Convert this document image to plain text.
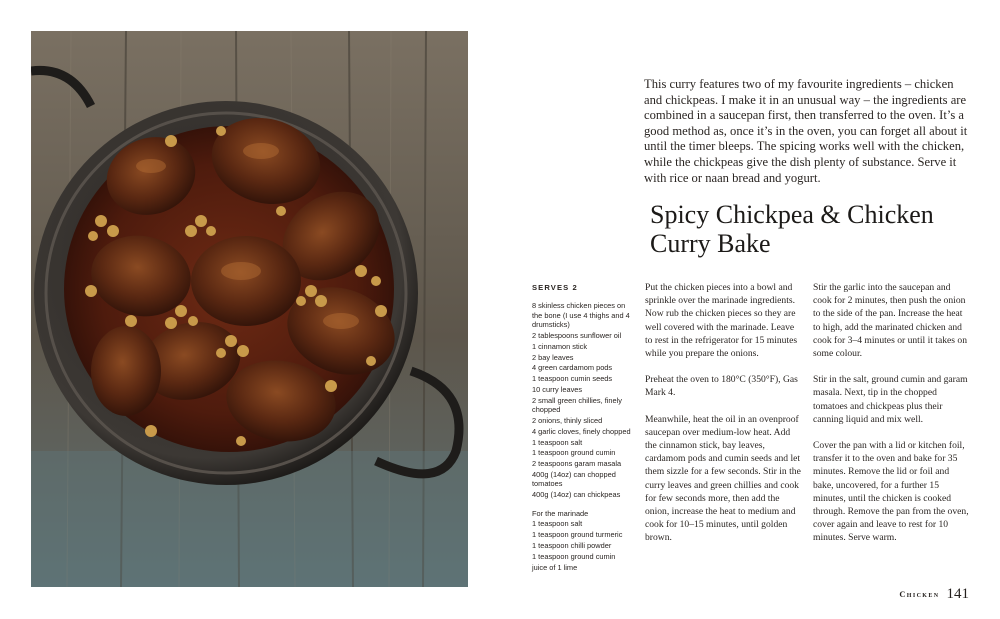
This curry features two of my favourite ingredients – chicken and chickpeas. I make it in an unusual way – the ingredients are combined in a saucepan first, then transferred to the oven. It’s a good method as, once it’s in the oven, you can forget all about it until the timer bleeps. The spicing works well with the chicken, while the chickpeas give the dish plenty of substance. Serve it with rice or naan bread and yogurt.
Spicy Chickpea & Chicken Curry Bake
SERVES 2
8 skinless chicken pieces on the bone (I use 4 thighs and 4 drumsticks)
2 tablespoons sunflower oil
1 cinnamon stick
2 bay leaves
4 green cardamom pods
1 teaspoon cumin seeds
10 curry leaves
2 small green chillies, finely chopped
2 onions, thinly sliced
4 garlic cloves, finely chopped
1 teaspoon salt
1 teaspoon ground cumin
2 teaspoons garam masala
400g (14oz) can chopped tomatoes
400g (14oz) can chickpeas
For the marinade
1 teaspoon salt
1 teaspoon ground turmeric
1 teaspoon chilli powder
1 teaspoon ground cumin
juice of 1 lime

Put the chicken pieces into a bowl and sprinkle over the marinade ingredients. Now rub the chicken pieces so they are well covered with the marinade. Leave to rest in the refrigerator for 15 minutes while you prepare the onions.

Preheat the oven to 180°C (350°F), Gas Mark 4.

Meanwhile, heat the oil in an ovenproof saucepan over medium-low heat. Add the cinnamon stick, bay leaves, cardamom pods and cumin seeds and let them sizzle for a few seconds. Stir in the curry leaves and green chillies and cook for few seconds more, then add the onion, increase the heat to medium and cook for 10–15 minutes, until golden brown.

Stir the garlic into the saucepan and cook for 2 minutes, then push the onion to the side of the pan. Increase the heat to high, add the marinated chicken and cook for 3–4 minutes or until it takes on some colour.

Stir in the salt, ground cumin and garam masala. Next, tip in the chopped tomatoes and chickpeas plus their canning liquid and mix well.

Cover the pan with a lid or kitchen foil, transfer it to the oven and bake for 35 minutes. Remove the lid or foil and bake, uncovered, for a further 15 minutes, until the chicken is cooked through. Remove the pan from the oven, cover again and leave to rest for 10 minutes. Serve warm.

Chicken 141
